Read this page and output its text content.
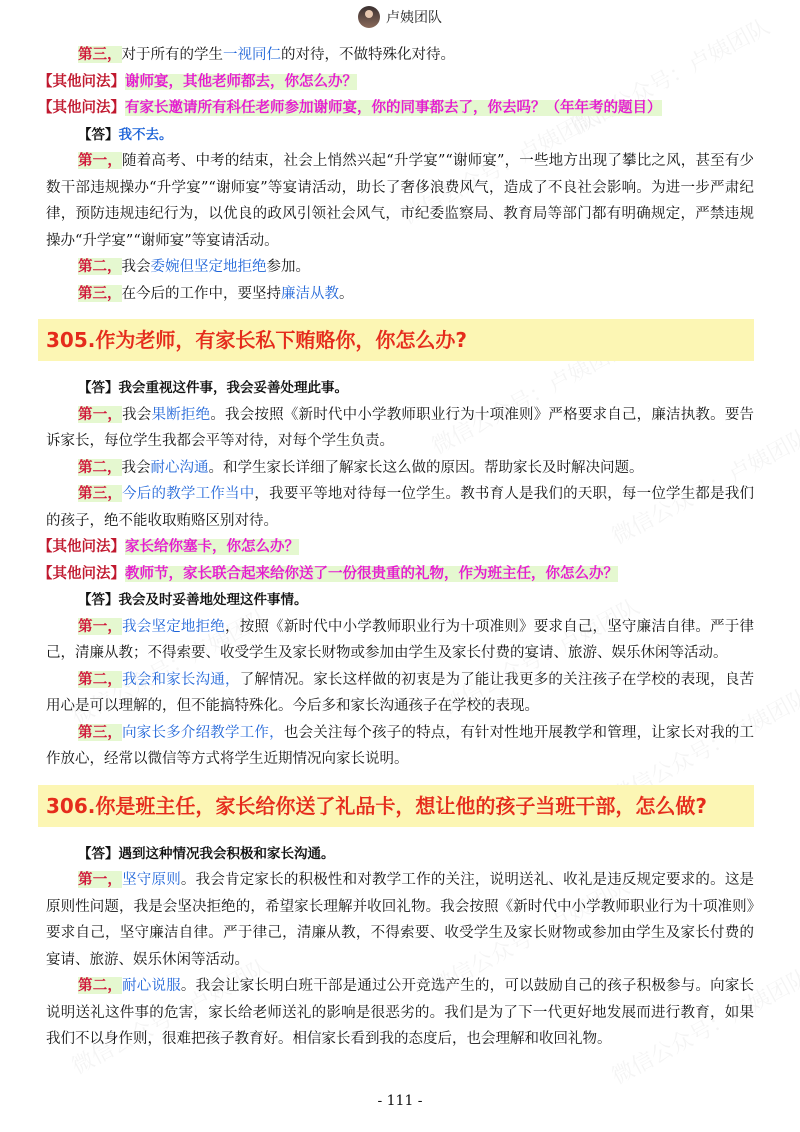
卢姨团队

第三，对于所有的学生一视同仁的对待，不做特殊化对待。

【其他问法】谢师宴，其他老师都去，你怎么办？

【其他问法】有家长邀请所有科任老师参加谢师宴，你的同事都去了，你去吗？（年年考的题目）

【答】我不去。

第一，随着高考、中考的结束，社会上悄然兴起“升学宴”“谢师宴”，一些地方出现了攀比之风，甚至有少数干部违规操办“升学宴”“谢师宴”等宴请活动，助长了奢侈浪费风气，造成了不良社会影响。为进一步严肃纪律，预防违规违纪行为，以优良的政风引领社会风气，市纪委监察局、教育局等部门都有明确规定，严禁违规操办“升学宴”“谢师宴”等宴请活动。

第二，我会委婉但坚定地拒绝参加。

第三，在今后的工作中，要坚持廉洁从教。

305.作为老师，有家长私下贿赂你，你怎么办?

【答】我会重视这件事，我会妥善处理此事。

第一，我会果断拒绝。我会按照《新时代中小学教师职业行为十项准则》严格要求自己，廉洁执教。要告诉家长，每位学生我都会平等对待，对每个学生负责。

第二，我会耐心沟通。和学生家长详细了解家长这么做的原因。帮助家长及时解决问题。

第三，今后的教学工作当中，我要平等地对待每一位学生。教书育人是我们的天职，每一位学生都是我们的孩子，绝不能收取贿赂区别对待。

【其他问法】家长给你塞卡，你怎么办？

【其他问法】教师节，家长联合起来给你送了一份很贵重的礼物，作为班主任，你怎么办？

【答】我会及时妥善地处理这件事情。

第一，我会坚定地拒绝，按照《新时代中小学教师职业行为十项准则》要求自己，坚守廉洁自律。严于律己，清廉从教；不得索要、收受学生及家长财物或参加由学生及家长付费的宴请、旅游、娱乐休闲等活动。

第二，我会和家长沟通，了解情况。家长这样做的初衷是为了能让我更多的关注孩子在学校的表现，良苦用心是可以理解的，但不能搞特殊化。今后多和家长沟通孩子在学校的表现。

第三，向家长多介绍教学工作，也会关注每个孩子的特点，有针对性地开展教学和管理，让家长对我的工作放心，经常以微信等方式将学生近期情况向家长说明。

306.你是班主任，家长给你送了礼品卡，想让他的孩子当班干部，怎么做?

【答】遇到这种情况我会积极和家长沟通。

第一，坚守原则。我会肯定家长的积极性和对教学工作的关注，说明送礼、收礼是违反规定要求的。这是原则性问题，我是会坚决拒绝的，希望家长理解并收回礼物。我会按照《新时代中小学教师职业行为十项准则》要求自己，坚守廉洁自律。严于律己，清廉从教，不得索要、收受学生及家长财物或参加由学生及家长付费的宴请、旅游、娱乐休闲等活动。

第二，耐心说服。我会让家长明白班干部是通过公开竞选产生的，可以鼓励自己的孩子积极参与。向家长说明送礼这件事的危害，家长给老师送礼的影响是很恶劣的。我们是为了下一代更好地发展而进行教育，如果我们不以身作则，很难把孩子教育好。相信家长看到我的态度后，也会理解和收回礼物。

- 111 -
